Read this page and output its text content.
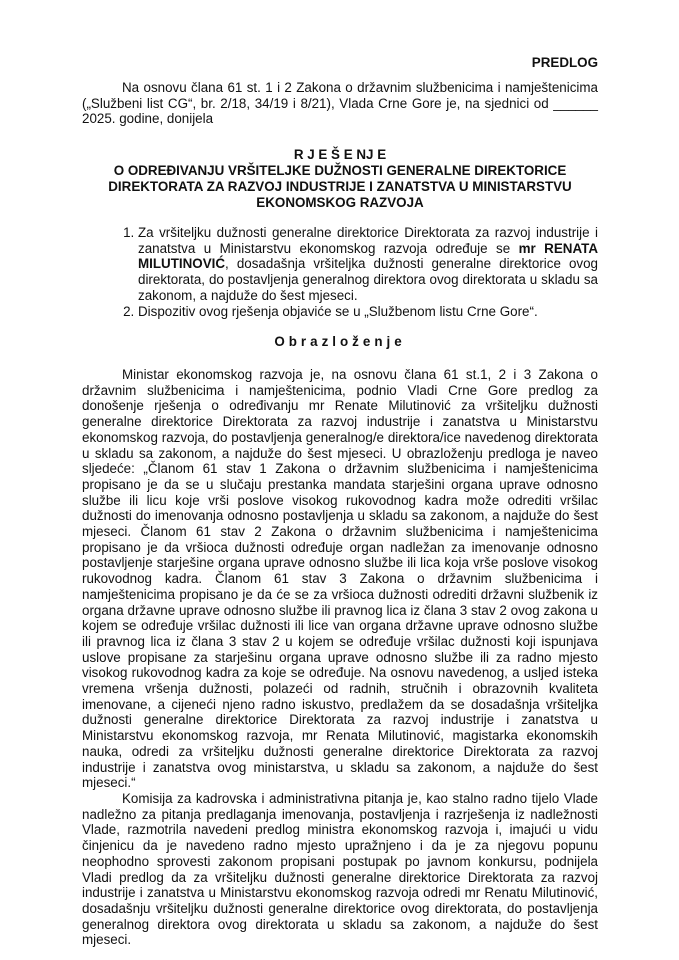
PREDLOG

Na osnovu člana 61 st. 1 i 2 Zakona o državnim službenicima i namještenicima („Službeni list CG“, br. 2/18, 34/19 i 8/21), Vlada Crne Gore je, na sjednici od ______ 2025. godine, donijela

R J E Š E NJ E
O ODREĐIVANJU VRŠITELJKE DUŽNOSTI GENERALNE DIREKTORICE
DIREKTORATA ZA RAZVOJ INDUSTRIJE I ZANATSTVA U MINISTARSTVU
EKONOMSKOG RAZVOJA
1. Za vršiteljku dužnosti generalne direktorice Direktorata za razvoj industrije i zanatstva u Ministarstvu ekonomskog razvoja određuje se mr RENATA MILUTINOVIĆ, dosadašnja vršiteljka dužnosti generalne direktorice ovog direktorata, do postavljenja generalnog direktora ovog direktorata u skladu sa zakonom, a najduže do šest mjeseci.
2. Dispozitiv ovog rješenja objaviće se u „Službenom listu Crne Gore“.
Obrazloženje

Ministar ekonomskog razvoja je, na osnovu člana 61 st.1, 2 i 3 Zakona o državnim službenicima i namještenicima, podnio Vladi Crne Gore predlog za donošenje rješenja o određivanju mr Renate Milutinović za vršiteljku dužnosti generalne direktorice Direktorata za razvoj industrije i zanatstva u Ministarstvu ekonomskog razvoja, do postavljenja generalnog/e direktora/ice navedenog direktorata u skladu sa zakonom, a najduže do šest mjeseci. U obrazloženju predloga je naveo sljedeće: „Članom 61 stav 1 Zakona o državnim službenicima i namještenicima propisano je da se u slučaju prestanka mandata starješini organa uprave odnosno službe ili licu koje vrši poslove visokog rukovodnog kadra može odrediti vršilac dužnosti do imenovanja odnosno postavljenja u skladu sa zakonom, a najduže do šest mjeseci. Članom 61 stav 2 Zakona o državnim službenicima i namještenicima propisano je da vršioca dužnosti određuje organ nadležan za imenovanje odnosno postavljenje starješine organa uprave odnosno službe ili lica koja vrše poslove visokog rukovodnog kadra. Članom 61 stav 3 Zakona o državnim službenicima i namještenicima propisano je da će se za vršioca dužnosti odrediti državni službenik iz organa državne uprave odnosno službe ili pravnog lica iz člana 3 stav 2 ovog zakona u kojem se određuje vršilac dužnosti ili lice van organa državne uprave odnosno službe ili pravnog lica iz člana 3 stav 2 u kojem se određuje vršilac dužnosti koji ispunjava uslove propisane za starješinu organa uprave odnosno službe ili za radno mjesto visokog rukovodnog kadra za koje se određuje. Na osnovu navedenog, a usljed isteka vremena vršenja dužnosti, polazeći od radnih, stručnih i obrazovnih kvaliteta imenovane, a cijeneći njeno radno iskustvo, predlažem da se dosadašnja vršiteljka dužnosti generalne direktorice Direktorata za razvoj industrije i zanatstva u Ministarstvu ekonomskog razvoja, mr Renata Milutinović, magistarka ekonomskih nauka, odredi za vršiteljku dužnosti generalne direktorice Direktorata za razvoj industrije i zanatstva ovog ministarstva, u skladu sa zakonom, a najduže do šest mjeseci.“

Komisija za kadrovska i administrativna pitanja je, kao stalno radno tijelo Vlade nadležno za pitanja predlaganja imenovanja, postavljenja i razrješenja iz nadležnosti Vlade, razmotrila navedeni predlog ministra ekonomskog razvoja i, imajući u vidu činjenicu da je navedeno radno mjesto upražnjeno i da je za njegovu popunu neophodno sprovesti zakonom propisani postupak po javnom konkursu, podnijela Vladi predlog da za vršiteljku dužnosti generalne direktorice Direktorata za razvoj industrije i zanatstva u Ministarstvu ekonomskog razvoja odredi mr Renatu Milutinović, dosadašnju vršiteljku dužnosti generalne direktorice ovog direktorata, do postavljenja generalnog direktora ovog direktorata u skladu sa zakonom, a najduže do šest mjeseci.
